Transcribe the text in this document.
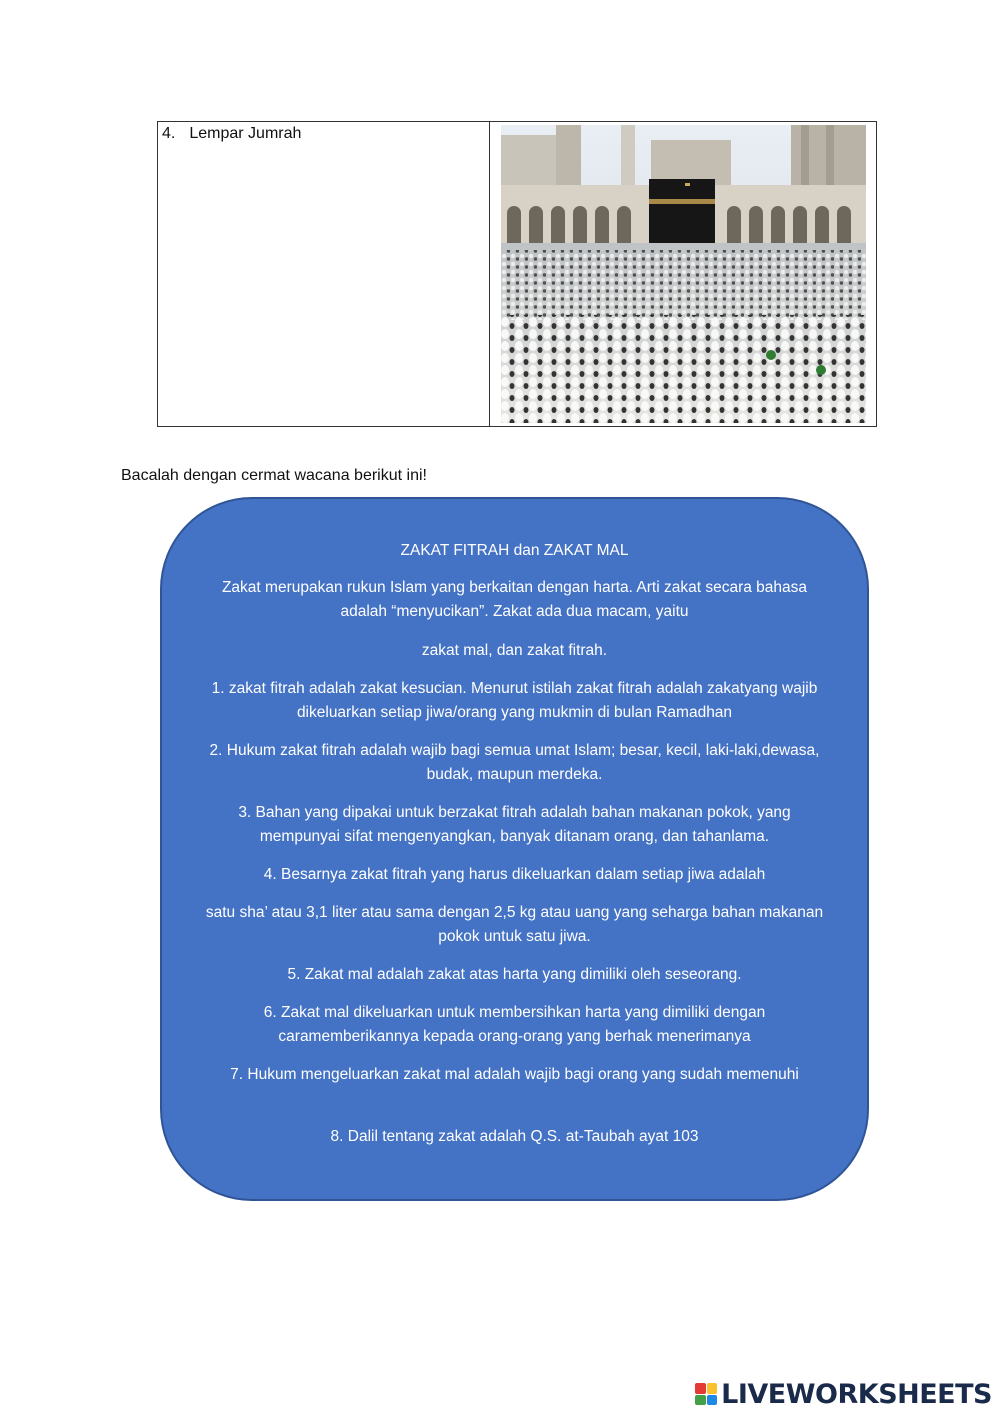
4. Lempar Jumrah
Bacalah dengan cermat wacana berikut ini!
ZAKAT FITRAH dan ZAKAT MAL
Zakat merupakan rukun Islam yang berkaitan dengan harta. Arti zakat secara bahasa adalah “menyucikan”. Zakat ada dua macam, yaitu
zakat mal, dan zakat fitrah.
1. zakat fitrah adalah zakat kesucian. Menurut istilah zakat fitrah adalah zakatyang wajib dikeluarkan setiap jiwa/orang yang mukmin di bulan Ramadhan
2. Hukum zakat fitrah adalah wajib bagi semua umat Islam; besar, kecil, laki-laki,dewasa, budak, maupun merdeka.
3. Bahan yang dipakai untuk berzakat fitrah adalah bahan makanan pokok, yang mempunyai sifat mengenyangkan, banyak ditanam orang, dan tahanlama.
4. Besarnya zakat fitrah yang harus dikeluarkan dalam setiap jiwa adalah
satu sha’ atau 3,1 liter atau sama dengan 2,5 kg atau uang yang seharga bahan makanan pokok untuk satu jiwa.
5. Zakat mal adalah zakat atas harta yang dimiliki oleh seseorang.
6. Zakat mal dikeluarkan untuk membersihkan harta yang dimiliki dengan caramemberikannya kepada orang-orang yang berhak menerimanya
7. Hukum mengeluarkan zakat mal adalah wajib bagi orang yang sudah memenuhi
8. Dalil tentang zakat adalah Q.S. at-Taubah ayat 103
LIVEWORKSHEETS
